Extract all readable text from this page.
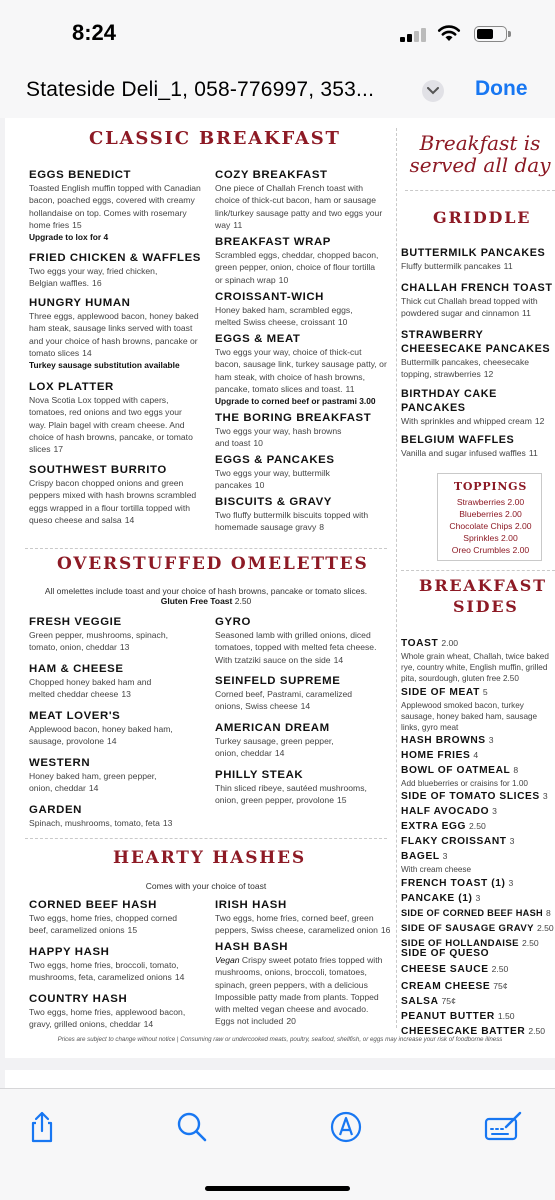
8:24
Stateside Deli_1, 058-776997, 353...	Done
CLASSIC BREAKFAST
EGGS BENEDICT
Toasted English muffin topped with Canadian bacon, poached eggs, covered with creamy hollandaise on top. Comes with rosemary home fries 15
Upgrade to lox for 4
FRIED CHICKEN & WAFFLES
Two eggs your way, fried chicken, Belgian waffles. 16
HUNGRY HUMAN
Three eggs, applewood bacon, honey baked ham steak, sausage links served with toast and your choice of hash browns, pancake or tomato slices 14
Turkey sausage substitution available
LOX PLATTER
Nova Scotia Lox topped with capers, tomatoes, red onions and two eggs your way. Plain bagel with cream cheese. And choice of hash browns, pancake, or tomato slices 17
SOUTHWEST BURRITO
Crispy bacon chopped onions and green peppers mixed with hash browns scrambled eggs wrapped in a flour tortilla topped with queso cheese and salsa 14
COZY BREAKFAST
One piece of Challah French toast with choice of thick-cut bacon, ham or sausage link/turkey sausage patty and two eggs your way 11
BREAKFAST WRAP
Scrambled eggs, cheddar, chopped bacon, green pepper, onion, choice of flour tortilla or spinach wrap 10
CROISSANT-WICH
Honey baked ham, scrambled eggs, melted Swiss cheese, croissant 10
EGGS & MEAT
Two eggs your way, choice of thick-cut bacon, sausage link, turkey sausage patty, or ham steak, with choice of hash browns, pancake, tomato slices and toast. 11
Upgrade to corned beef or pastrami 3.00
THE BORING BREAKFAST
Two eggs your way, hash browns and toast 10
EGGS & PANCAKES
Two eggs your way, buttermilk pancakes 10
BISCUITS & GRAVY
Two fluffy buttermilk biscuits topped with homemade sausage gravy 8
OVERSTUFFED OMELETTES
All omelettes include toast and your choice of hash browns, pancake or tomato slices.
Gluten Free Toast 2.50
FRESH VEGGIE
Green pepper, mushrooms, spinach, tomato, onion, cheddar 13
HAM & CHEESE
Chopped honey baked ham and melted cheddar cheese 13
MEAT LOVER'S
Applewood bacon, honey baked ham, sausage, provolone 14
WESTERN
Honey baked ham, green pepper, onion, cheddar 14
GARDEN
Spinach, mushrooms, tomato, feta 13
GYRO
Seasoned lamb with grilled onions, diced tomatoes, topped with melted feta cheese. With tzatziki sauce on the side 14
SEINFELD SUPREME
Corned beef, Pastrami, caramelized onions, Swiss cheese 14
AMERICAN DREAM
Turkey sausage, green pepper, onion, cheddar 14
PHILLY STEAK
Thin sliced ribeye, sautéed mushrooms, onion, green pepper, provolone 15
HEARTY HASHES
Comes with your choice of toast
CORNED BEEF HASH
Two eggs, home fries, chopped corned beef, caramelized onions 15
HAPPY HASH
Two eggs, home fries, broccoli, tomato, mushrooms, feta, caramelized onions 14
COUNTRY HASH
Two eggs, home fries, applewood bacon, gravy, grilled onions, cheddar 14
IRISH HASH
Two eggs, home fries, corned beef, green peppers, Swiss cheese, caramelized onion 16
HASH BASH
Vegan Crispy sweet potato fries topped with mushrooms, onions, broccoli, tomatoes, spinach, green peppers, with a delicious Impossible patty made from plants. Topped with melted vegan cheese and avocado. Eggs not included 20
Breakfast is
served all day
GRIDDLE
BUTTERMILK PANCAKES
Fluffy buttermilk pancakes 11
CHALLAH FRENCH TOAST
Thick cut Challah bread topped with powdered sugar and cinnamon 11
STRAWBERRY
CHEESECAKE PANCAKES
Buttermilk pancakes, cheesecake topping, strawberries 12
BIRTHDAY CAKE
PANCAKES
With sprinkles and whipped cream 12
BELGIUM WAFFLES
Vanilla and sugar infused waffles 11
TOPPINGS
Strawberries 2.00
Blueberries 2.00
Chocolate Chips 2.00
Sprinkles 2.00
Oreo Crumbles 2.00
BREAKFAST
SIDES
TOAST 2.00
Whole grain wheat, Challah, twice baked rye, country white, English muffin, grilled pita, sourdough, gluten free 2.50
SIDE OF MEAT 5
Applewood smoked bacon, turkey sausage, honey baked ham, sausage links, gyro meat
HASH BROWNS 3
HOME FRIES 4
BOWL OF OATMEAL 8
Add blueberries or craisins for 1.00
SIDE OF TOMATO SLICES 3
HALF AVOCADO 3
EXTRA EGG 2.50
FLAKY CROISSANT 3
BAGEL 3
With cream cheese
FRENCH TOAST (1) 3
PANCAKE (1) 3
SIDE OF CORNED BEEF HASH 8
SIDE OF SAUSAGE GRAVY 2.50
SIDE OF HOLLANDAISE 2.50
SIDE OF QUESO
CHEESE SAUCE 2.50
CREAM CHEESE 75¢
SALSA 75¢
PEANUT BUTTER 1.50
CHEESECAKE BATTER 2.50
Prices are subject to change without notice | Consuming raw or undercooked meats, poultry, seafood, shellfish, or eggs may increase your risk of foodborne illness
